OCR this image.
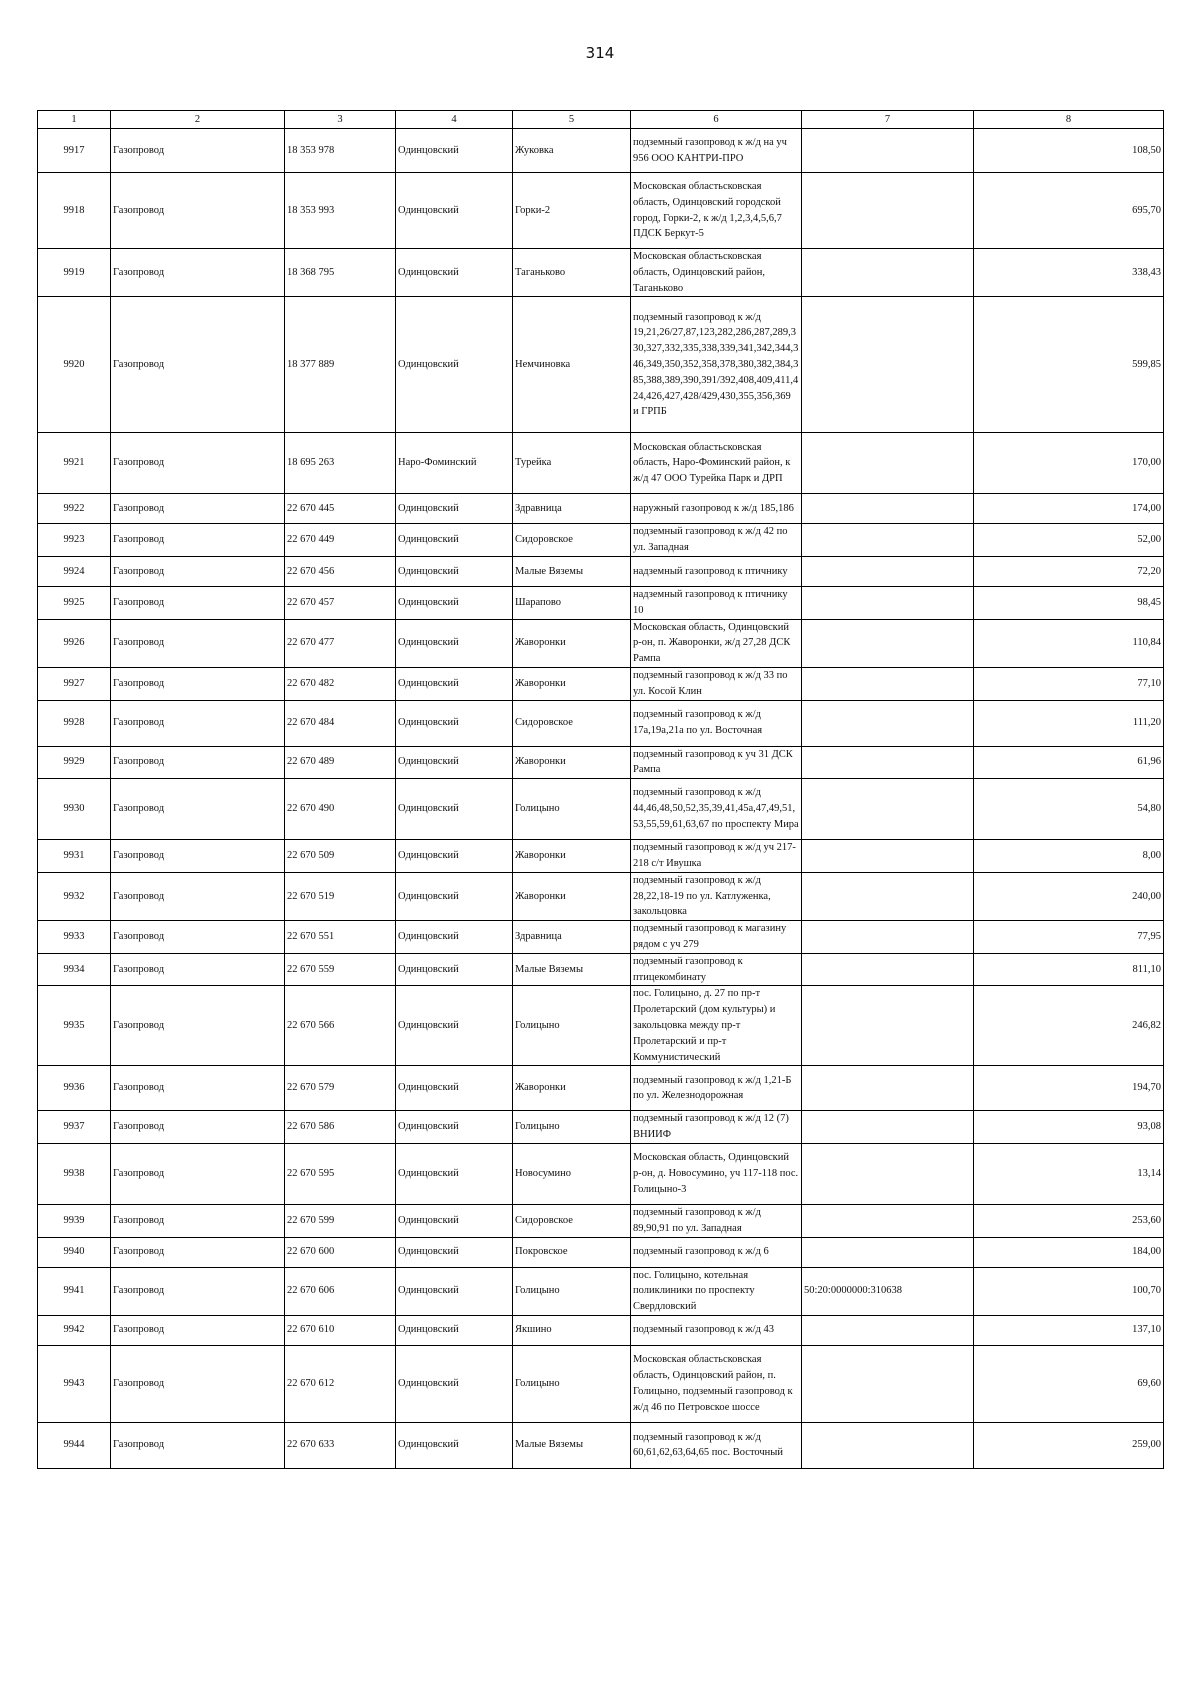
314
1	2	3	4	5	6	7	8
9917	Газопровод	18 353 978	Одинцовский	Жуковка	подземный газопровод к ж/д на уч 956 ООО КАНТРИ-ПРО		108,50
9918	Газопровод	18 353 993	Одинцовский	Горки-2	Московская областьсковская область, Одинцовский городской город, Горки-2, к ж/д 1,2,3,4,5,6,7 ПДСК Беркут-5		695,70
9919	Газопровод	18 368 795	Одинцовский	Таганьково	Московская областьсковская область, Одинцовский район, Таганьково		338,43
9920	Газопровод	18 377 889	Одинцовский	Немчиновка	подземный газопровод к ж/д 19,21,26/27,87,123,282,286,287,289,330,327,332,335,338,339,341,342,344,346,349,350,352,358,378,380,382,384,385,388,389,390,391/392,408,409,411,424,426,427,428/429,430,355,356,369 и ГРПБ		599,85
9921	Газопровод	18 695 263	Наро-Фоминский	Турейка	Московская областьсковская область, Наро-Фоминский район, к ж/д 47 ООО Турейка Парк и ДРП		170,00
9922	Газопровод	22 670 445	Одинцовский	Здравница	наружный газопровод к ж/д 185,186		174,00
9923	Газопровод	22 670 449	Одинцовский	Сидоровское	подземный газопровод к ж/д 42 по ул. Западная		52,00
9924	Газопровод	22 670 456	Одинцовский	Малые Вяземы	надземный газопровод к птичнику		72,20
9925	Газопровод	22 670 457	Одинцовский	Шарапово	надземный газопровод к птичнику 10		98,45
9926	Газопровод	22 670 477	Одинцовский	Жаворонки	Московская область, Одинцовский р-он, п. Жаворонки, ж/д 27,28 ДСК Рампа		110,84
9927	Газопровод	22 670 482	Одинцовский	Жаворонки	подземный газопровод к ж/д 33 по ул. Косой Клин		77,10
9928	Газопровод	22 670 484	Одинцовский	Сидоровское	подземный газопровод к ж/д 17а,19а,21а по ул. Восточная		111,20
9929	Газопровод	22 670 489	Одинцовский	Жаворонки	подземный газопровод к уч 31 ДСК Рампа		61,96
9930	Газопровод	22 670 490	Одинцовский	Голицыно	подземный газопровод к ж/д 44,46,48,50,52,35,39,41,45а,47,49,51,53,55,59,61,63,67 по проспекту Мира		54,80
9931	Газопровод	22 670 509	Одинцовский	Жаворонки	подземный газопровод к ж/д уч 217-218 с/т Ивушка		8,00
9932	Газопровод	22 670 519	Одинцовский	Жаворонки	подземный газопровод к ж/д 28,22,18-19 по ул. Катлуженка, закольцовка		240,00
9933	Газопровод	22 670 551	Одинцовский	Здравница	подземный газопровод к магазину рядом с уч 279		77,95
9934	Газопровод	22 670 559	Одинцовский	Малые Вяземы	подземный газопровод к птицекомбинату		811,10
9935	Газопровод	22 670 566	Одинцовский	Голицыно	пос. Голицыно, д. 27 по пр-т Пролетарский (дом культуры) и закольцовка между пр-т Пролетарский и пр-т Коммунистический		246,82
9936	Газопровод	22 670 579	Одинцовский	Жаворонки	подземный газопровод к ж/д 1,21-Б по ул. Железнодорожная		194,70
9937	Газопровод	22 670 586	Одинцовский	Голицыно	подземный газопровод к ж/д 12 (7) ВНИИФ		93,08
9938	Газопровод	22 670 595	Одинцовский	Новосумино	Московская область, Одинцовский р-он, д. Новосумино, уч 117-118 пос. Голицыно-3		13,14
9939	Газопровод	22 670 599	Одинцовский	Сидоровское	подземный газопровод к ж/д 89,90,91 по ул. Западная		253,60
9940	Газопровод	22 670 600	Одинцовский	Покровское	подземный газопровод к ж/д 6		184,00
9941	Газопровод	22 670 606	Одинцовский	Голицыно	пос. Голицыно, котельная поликлиники по проспекту Свердловский	50:20:0000000:310638	100,70
9942	Газопровод	22 670 610	Одинцовский	Якшино	подземный газопровод к ж/д 43		137,10
9943	Газопровод	22 670 612	Одинцовский	Голицыно	Московская областьсковская область, Одинцовский район, п. Голицыно, подземный газопровод к ж/д 46 по Петровское шоссе		69,60
9944	Газопровод	22 670 633	Одинцовский	Малые Вяземы	подземный газопровод к ж/д 60,61,62,63,64,65 пос. Восточный		259,00
